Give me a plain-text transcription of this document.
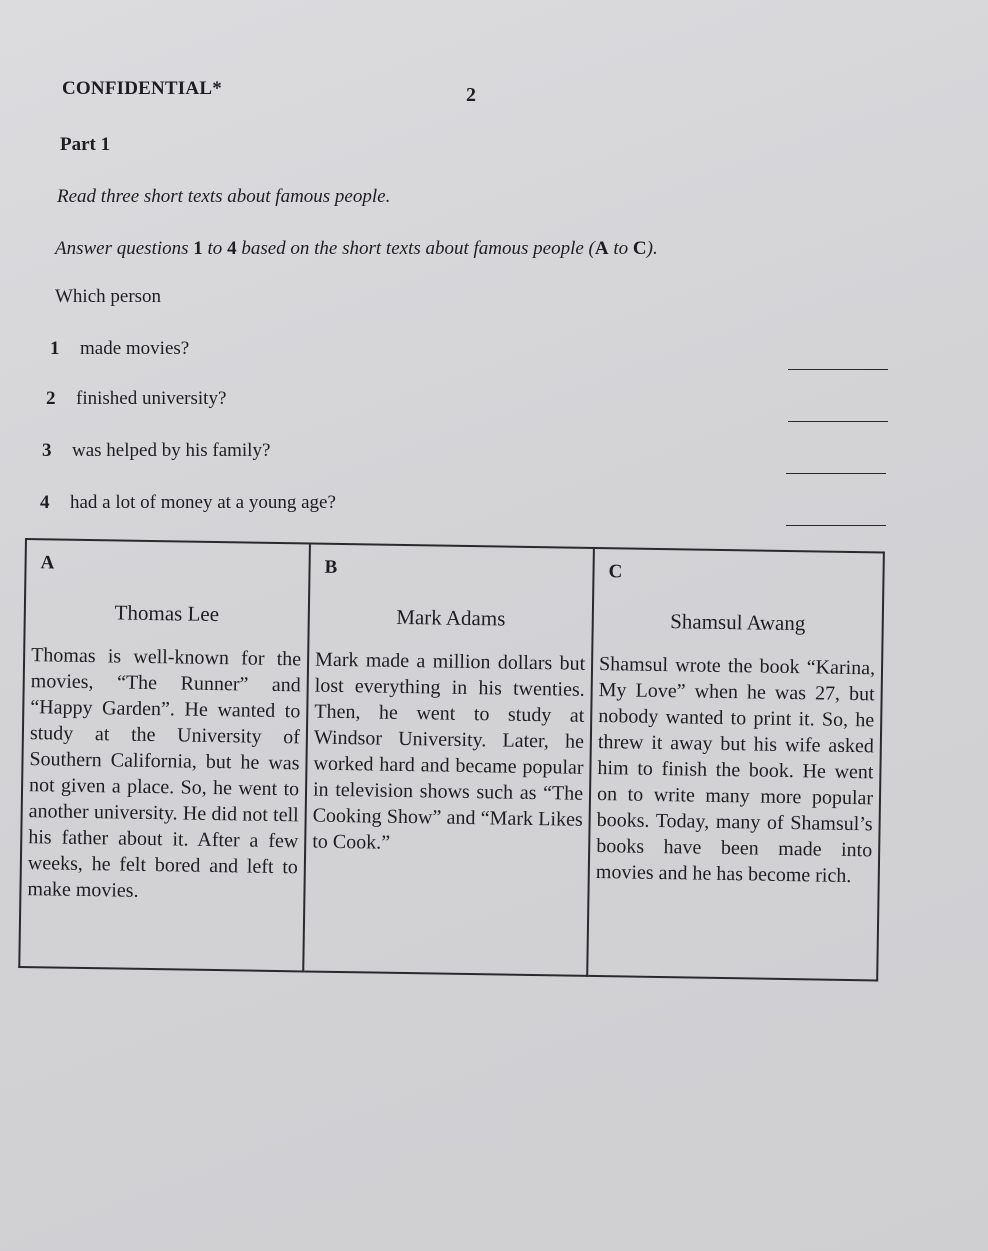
CONFIDENTIAL*	2
Part 1
Read three short texts about famous people.
Answer questions 1 to 4 based on the short texts about famous people (A to C).
Which person
1 made movies?
2 finished university?
3 was helped by his family?
4 had a lot of money at a young age?
A
Thomas Lee
Thomas is well-known for the movies, “The Runner” and “Happy Garden”. He wanted to study at the University of Southern California, but he was not given a place. So, he went to another university. He did not tell his father about it. After a few weeks, he felt bored and left to make movies.

B
Mark Adams
Mark made a million dollars but lost everything in his twenties. Then, he went to study at Windsor University. Later, he worked hard and became popular in television shows such as “The Cooking Show” and “Mark Likes to Cook.”

C
Shamsul Awang
Shamsul wrote the book “Karina, My Love” when he was 27, but nobody wanted to print it. So, he threw it away but his wife asked him to finish the book. He went on to write many more popular books. Today, many of Shamsul’s books have been made into movies and he has become rich.
